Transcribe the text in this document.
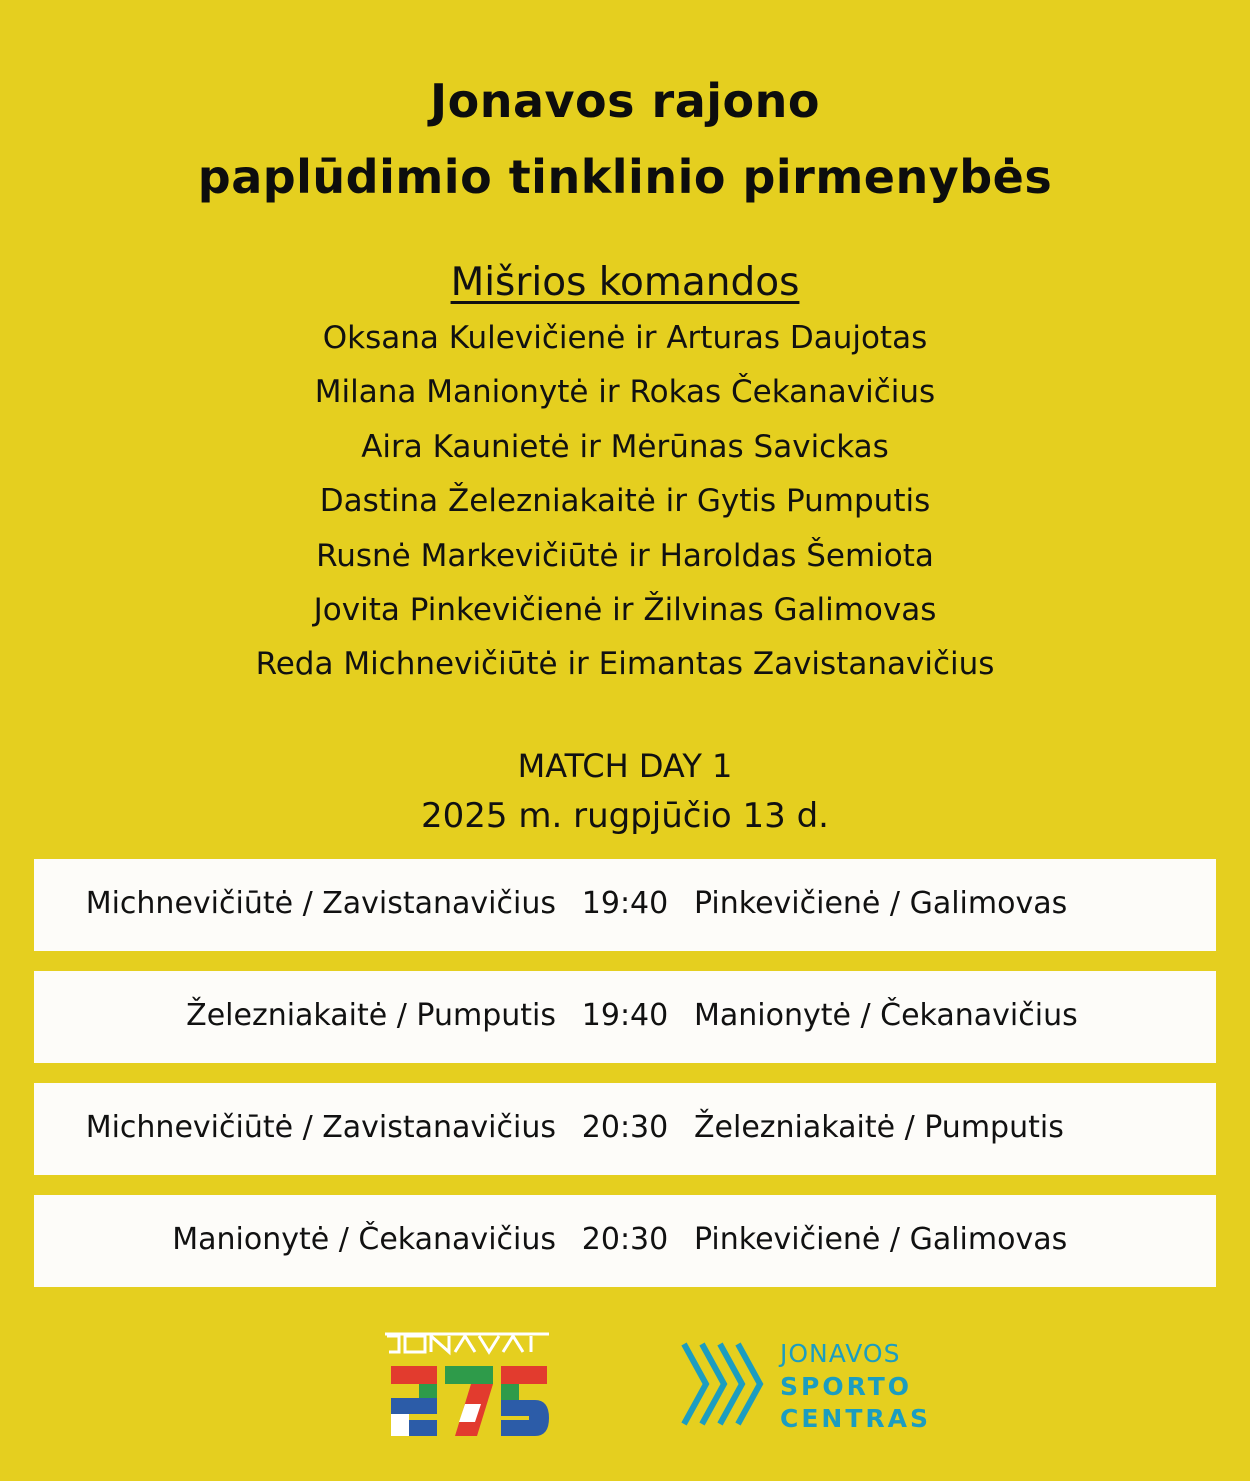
Jonavos rajono
paplūdimio tinklinio pirmenybės
Mišrios komandos
Oksana Kulevičienė ir Arturas Daujotas
Milana Manionytė ir Rokas Čekanavičius
Aira Kaunietė ir Mėrūnas Savickas
Dastina Železniakaitė ir Gytis Pumputis
Rusnė Markevičiūtė ir Haroldas Šemiota
Jovita Pinkevičienė ir Žilvinas Galimovas
Reda Michnevičiūtė ir Eimantas Zavistanavičius
MATCH DAY 1
2025 m. rugpjūčio 13 d.
Michnevičiūtė / Zavistanavičius 19:40 Pinkevičienė / Galimovas
Železniakaitė / Pumputis 19:40 Manionytė / Čekanavičius
Michnevičiūtė / Zavistanavičius 20:30 Železniakaitė / Pumputis
Manionytė / Čekanavičius 20:30 Pinkevičienė / Galimovas
JONAVOS
SPORTO
CENTRAS
